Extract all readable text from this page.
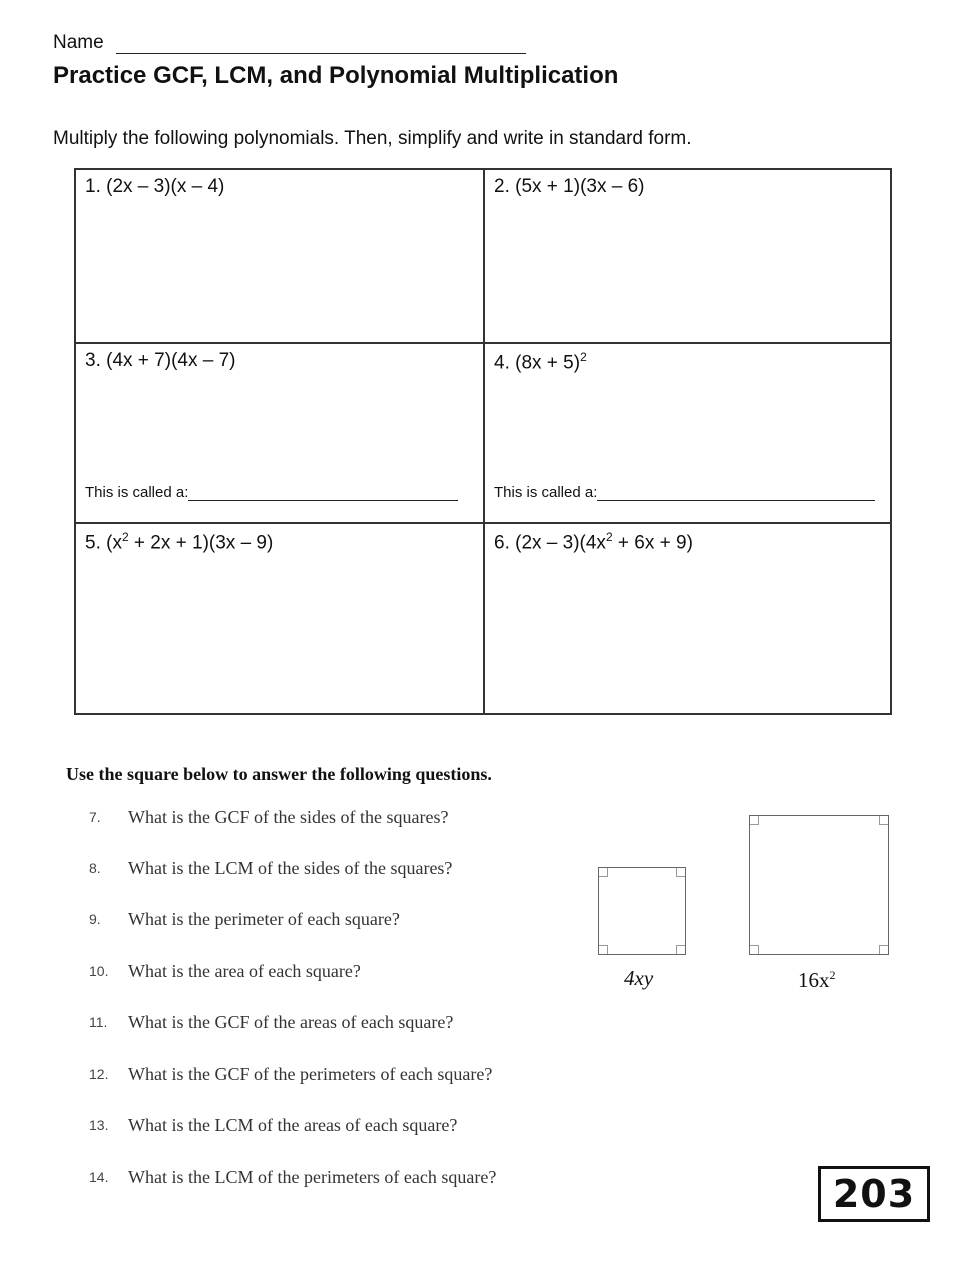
Name
Practice GCF, LCM, and Polynomial Multiplication
Multiply the following polynomials. Then, simplify and write in standard form.
1. (2x – 3)(x – 4)	2. (5x + 1)(3x – 6)
3. (4x + 7)(4x – 7)
This is called a:
4. $(8x + 5)^2$
This is called a:
5. $(x^2 + 2x + 1)(3x - 9)$	6. $(2x - 3)(4x^2 + 6x + 9)$
Use the square below to answer the following questions.
7. What is the GCF of the sides of the squares?
8. What is the LCM of the sides of the squares?
9. What is the perimeter of each square?
10. What is the area of each square?
11. What is the GCF of the areas of each square?
12. What is the GCF of the perimeters of each square?
13. What is the LCM of the areas of each square?
14. What is the LCM of the perimeters of each square?
4xy	$16x^2$
203
